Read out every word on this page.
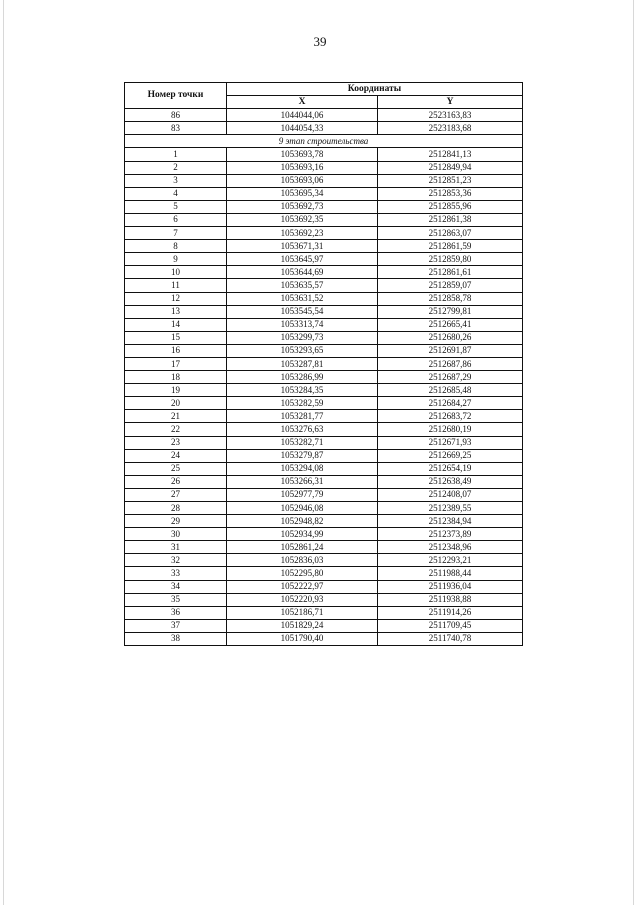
39
Номер точки	Координаты	
	X	Y
86	1044044,06	2523163,83
83	1044054,33	2523183,68
9 этап строительства		
1	1053693,78	2512841,13
2	1053693,16	2512849,94
3	1053693,06	2512851,23
4	1053695,34	2512853,36
5	1053692,73	2512855,96
6	1053692,35	2512861,38
7	1053692,23	2512863,07
8	1053671,31	2512861,59
9	1053645,97	2512859,80
10	1053644,69	2512861,61
11	1053635,57	2512859,07
12	1053631,52	2512858,78
13	1053545,54	2512799,81
14	1053313,74	2512665,41
15	1053299,73	2512680,26
16	1053293,65	2512691,87
17	1053287,81	2512687,86
18	1053286,99	2512687,29
19	1053284,35	2512685,48
20	1053282,59	2512684,27
21	1053281,77	2512683,72
22	1053276,63	2512680,19
23	1053282,71	2512671,93
24	1053279,87	2512669,25
25	1053294,08	2512654,19
26	1053266,31	2512638,49
27	1052977,79	2512408,07
28	1052946,08	2512389,55
29	1052948,82	2512384,94
30	1052934,99	2512373,89
31	1052861,24	2512348,96
32	1052836,03	2512293,21
33	1052295,80	2511988,44
34	1052222,97	2511936,04
35	1052220,93	2511938,88
36	1052186,71	2511914,26
37	1051829,24	2511709,45
38	1051790,40	2511740,78
